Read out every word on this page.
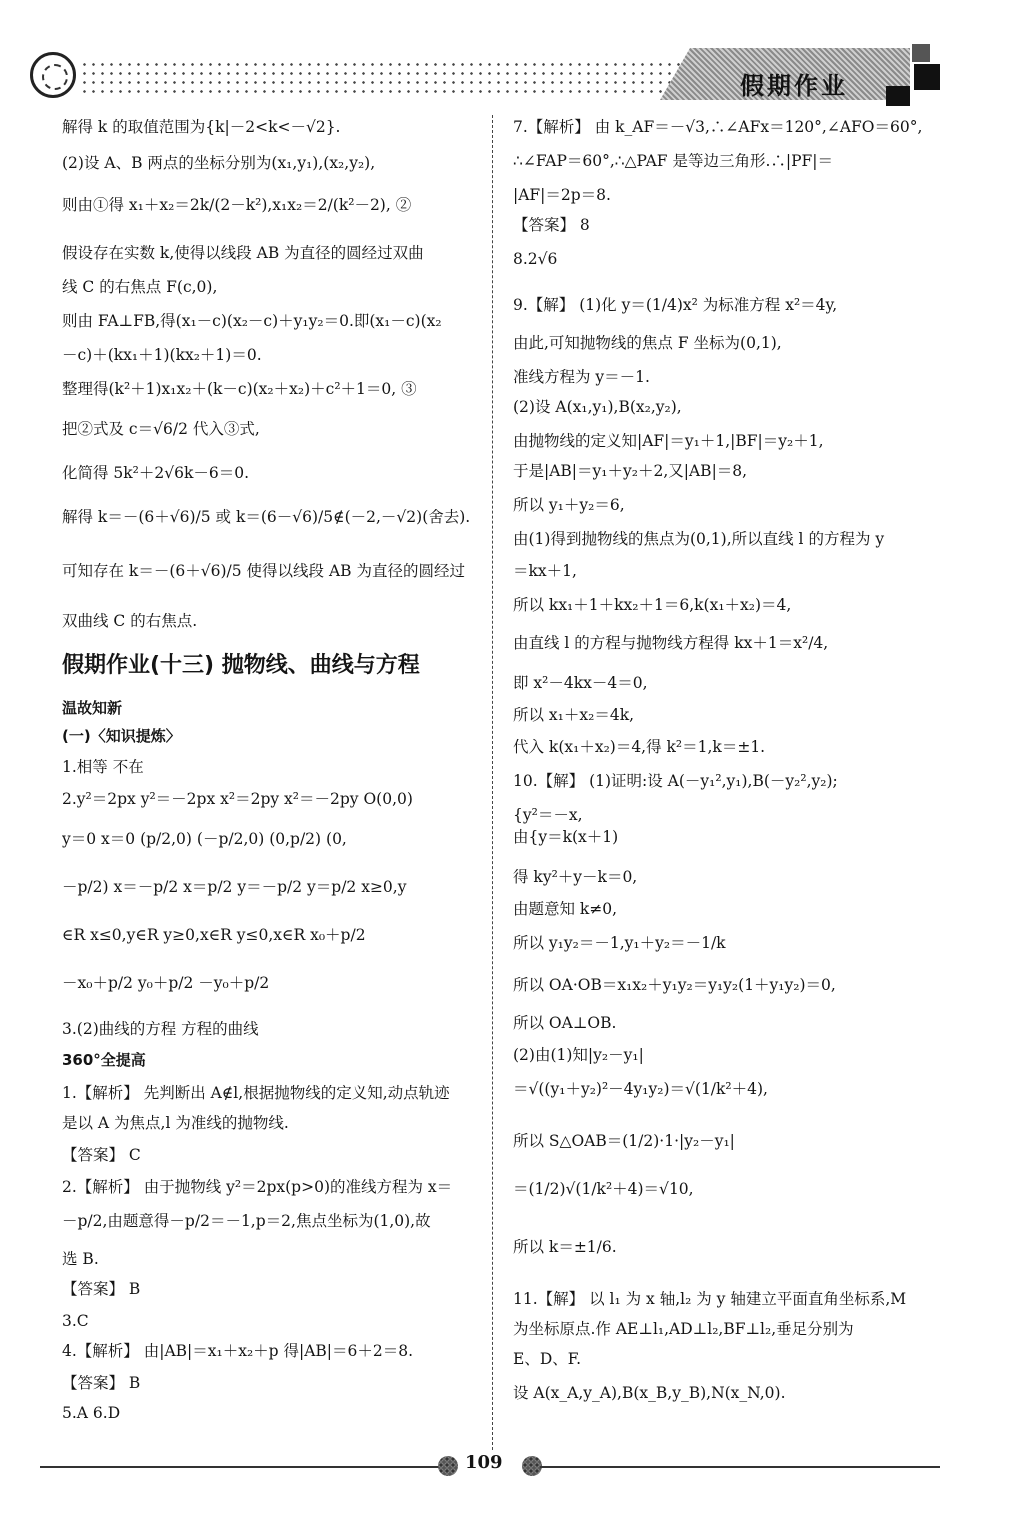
假期作业
解得 k 的取值范围为{k|－2<k<－√2}.
(2)设 A、B 两点的坐标分别为(x₁,y₁),(x₂,y₂),
则由①得 x₁＋x₂＝2k/(2－k²),x₁x₂＝2/(k²－2), ②
假设存在实数 k,使得以线段 AB 为直径的圆经过双曲
线 C 的右焦点 F(c,0),
则由 FA⊥FB,得(x₁－c)(x₂－c)＋y₁y₂＝0.即(x₁－c)(x₂
－c)＋(kx₁＋1)(kx₂＋1)＝0.
整理得(k²＋1)x₁x₂＋(k－c)(x₂＋x₂)＋c²＋1＝0, ③
把②式及 c＝√6/2 代入③式,
化简得 5k²＋2√6k－6＝0.
解得 k＝－(6＋√6)/5 或 k＝(6－√6)/5∉(－2,－√2)(舍去).
可知存在 k＝－(6＋√6)/5 使得以线段 AB 为直径的圆经过
双曲线 C 的右焦点.
假期作业(十三) 抛物线、曲线与方程
温故知新
(一)〈知识提炼〉
1.相等 不在
2.y²＝2px y²＝－2px x²＝2py x²＝－2py O(0,0)
y＝0 x＝0 (p/2,0) (－p/2,0) (0,p/2) (0,
－p/2) x＝－p/2 x＝p/2 y＝－p/2 y＝p/2 x≥0,y
∈R x≤0,y∈R y≥0,x∈R y≤0,x∈R x₀＋p/2
－x₀＋p/2 y₀＋p/2 －y₀＋p/2
3.(2)曲线的方程 方程的曲线
360°全提高
1.【解析】 先判断出 A∉l,根据抛物线的定义知,动点轨迹
是以 A 为焦点,l 为准线的抛物线.
【答案】 C
2.【解析】 由于抛物线 y²＝2px(p>0)的准线方程为 x＝
－p/2,由题意得－p/2＝－1,p＝2,焦点坐标为(1,0),故
选 B.
【答案】 B
3.C
4.【解析】 由|AB|＝x₁＋x₂＋p 得|AB|＝6＋2＝8.
【答案】 B
5.A 6.D
7.【解析】 由 k_AF＝－√3,∴∠AFx＝120°,∠AFO＝60°,
∴∠FAP＝60°,∴△PAF 是等边三角形.∴|PF|＝
|AF|＝2p＝8.
【答案】 8
8.2√6
9.【解】 (1)化 y＝(1/4)x² 为标准方程 x²＝4y,
由此,可知抛物线的焦点 F 坐标为(0,1),
准线方程为 y＝－1.
(2)设 A(x₁,y₁),B(x₂,y₂),
由抛物线的定义知|AF|＝y₁＋1,|BF|＝y₂＋1,
于是|AB|＝y₁＋y₂＋2,又|AB|＝8,
所以 y₁＋y₂＝6,
由(1)得到抛物线的焦点为(0,1),所以直线 l 的方程为 y
＝kx＋1,
所以 kx₁＋1＋kx₂＋1＝6,k(x₁＋x₂)＝4,
由直线 l 的方程与抛物线方程得 kx＋1＝x²/4,
即 x²－4kx－4＝0,
所以 x₁＋x₂＝4k,
代入 k(x₁＋x₂)＝4,得 k²＝1,k＝±1.
10.【解】 (1)证明:设 A(－y₁²,y₁),B(－y₂²,y₂);
{y²＝－x,
由{y＝k(x＋1)
得 ky²＋y－k＝0,
由题意知 k≠0,
所以 y₁y₂＝－1,y₁＋y₂＝－1/k
所以 OA·OB＝x₁x₂＋y₁y₂＝y₁y₂(1＋y₁y₂)＝0,
所以 OA⊥OB.
(2)由(1)知|y₂－y₁|
＝√((y₁＋y₂)²－4y₁y₂)＝√(1/k²＋4),
所以 S△OAB＝(1/2)·1·|y₂－y₁|
＝(1/2)√(1/k²＋4)＝√10,
所以 k＝±1/6.
11.【解】 以 l₁ 为 x 轴,l₂ 为 y 轴建立平面直角坐标系,M
为坐标原点.作 AE⊥l₁,AD⊥l₂,BF⊥l₂,垂足分别为
E、D、F.
设 A(x_A,y_A),B(x_B,y_B),N(x_N,0).
109
